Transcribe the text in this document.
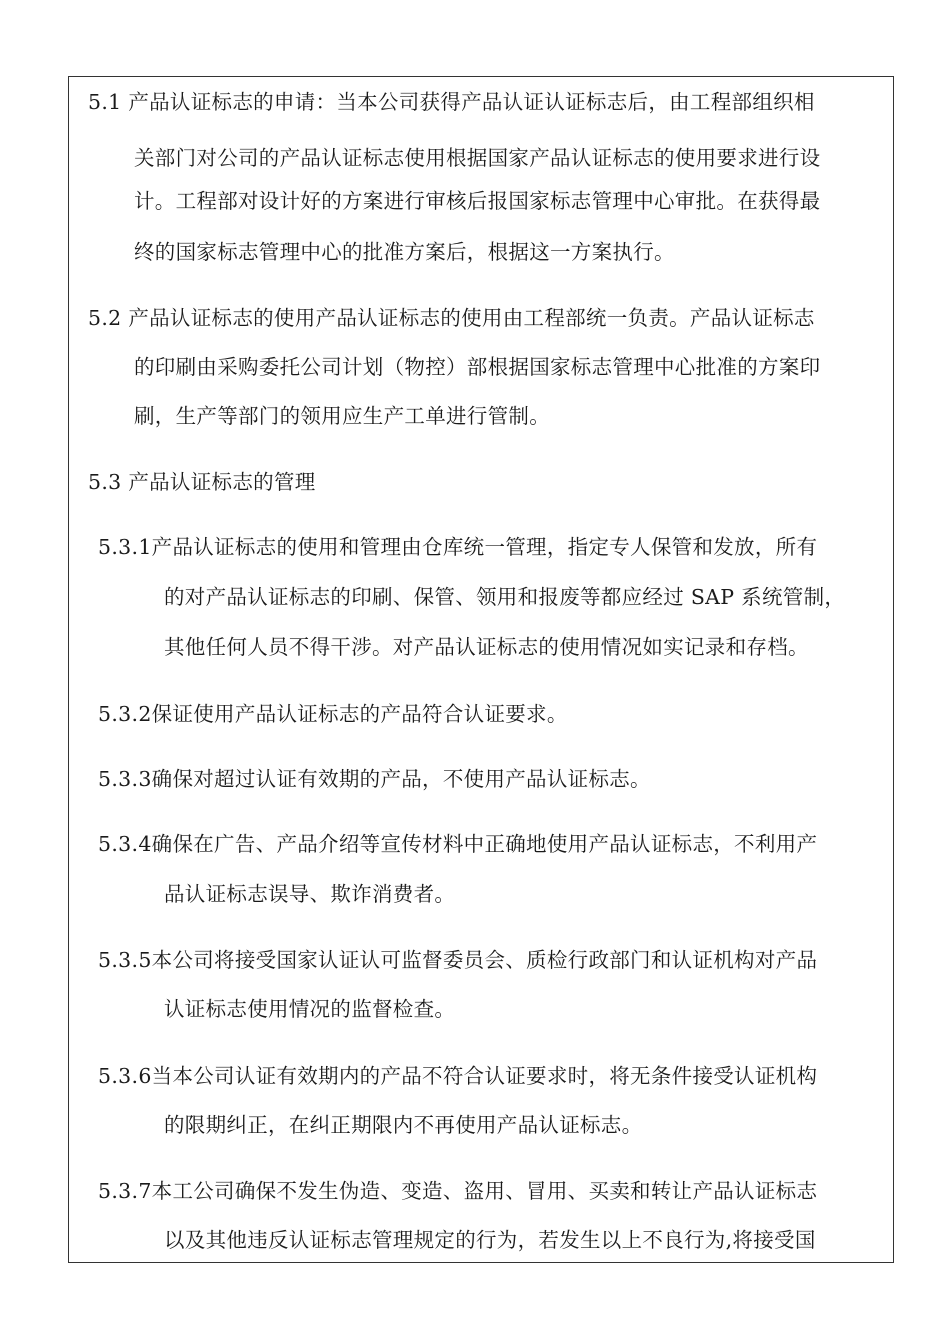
5.1 产品认证标志的申请：当本公司获得产品认证认证标志后，由工程部组织相
关部门对公司的产品认证标志使用根据国家产品认证标志的使用要求进行设
计。工程部对设计好的方案进行审核后报国家标志管理中心审批。在获得最
终的国家标志管理中心的批准方案后，根据这一方案执行。
5.2 产品认证标志的使用产品认证标志的使用由工程部统一负责。产品认证标志
的印刷由采购委托公司计划（物控）部根据国家标志管理中心批准的方案印
刷，生产等部门的领用应生产工单进行管制。
5.3 产品认证标志的管理
5.3.1产品认证标志的使用和管理由仓库统一管理，指定专人保管和发放，所有
的对产品认证标志的印刷、保管、领用和报废等都应经过 SAP 系统管制，
其他任何人员不得干涉。对产品认证标志的使用情况如实记录和存档。
5.3.2保证使用产品认证标志的产品符合认证要求。
5.3.3确保对超过认证有效期的产品，不使用产品认证标志。
5.3.4确保在广告、产品介绍等宣传材料中正确地使用产品认证标志，不利用产
品认证标志误导、欺诈消费者。
5.3.5本公司将接受国家认证认可监督委员会、质检行政部门和认证机构对产品
认证标志使用情况的监督检查。
5.3.6当本公司认证有效期内的产品不符合认证要求时，将无条件接受认证机构
的限期纠正，在纠正期限内不再使用产品认证标志。
5.3.7本工公司确保不发生伪造、变造、盗用、冒用、买卖和转让产品认证标志
以及其他违反认证标志管理规定的行为，若发生以上不良行为,将接受国
